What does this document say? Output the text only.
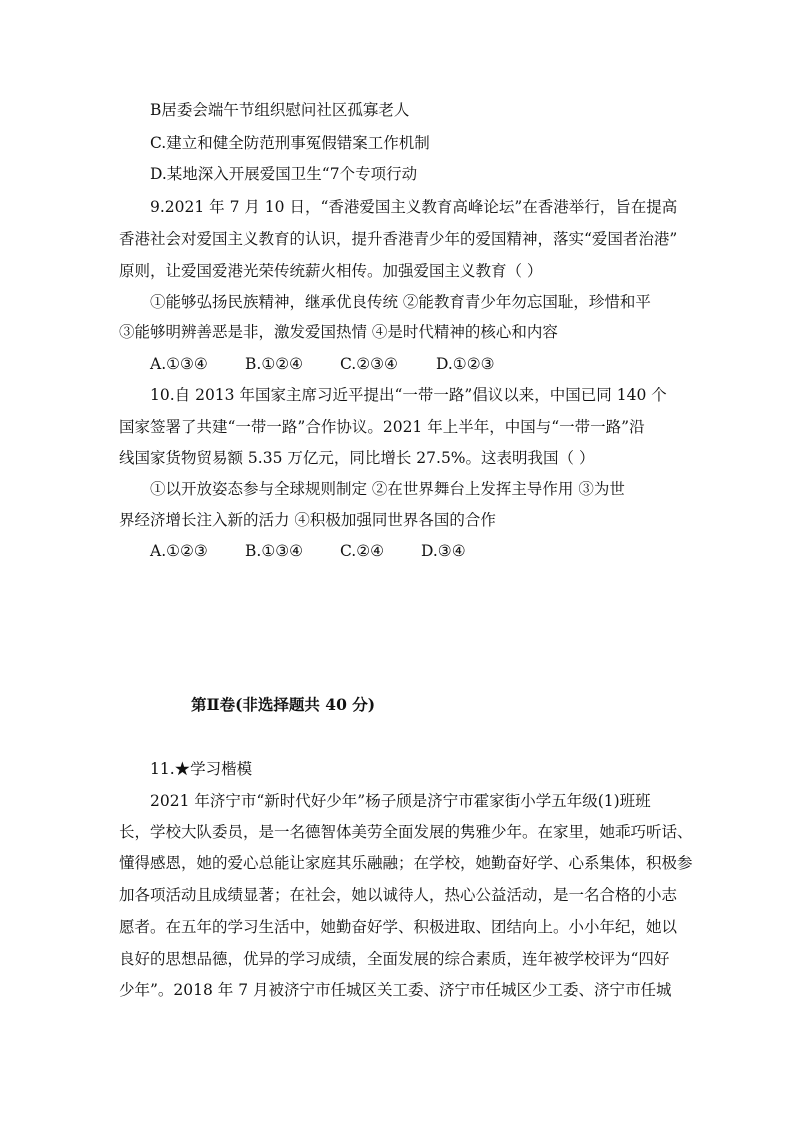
B居委会端午节组织慰问社区孤寡老人
C.建立和健全防范刑事冤假错案工作机制
D.某地深入开展爱国卫生“7个专项行动
9.2021 年 7 月 10 日，“香港爱国主义教育高峰论坛”在香港举行，旨在提高
香港社会对爱国主义教育的认识，提升香港青少年的爱国精神，落实“爱国者治港”
原则，让爱国爱港光荣传统薪火相传。加强爱国主义教育（ ）
①能够弘扬民族精神，继承优良传统 ②能教育青少年勿忘国耻，珍惜和平
③能够明辨善恶是非，激发爱国热情 ④是时代精神的核心和内容
A.①③④ B.①②④ C.②③④ D.①②③
10.自 2013 年国家主席习近平提出“一带一路”倡议以来，中国已同 140 个
国家签署了共建“一带一路”合作协议。2021 年上半年，中国与“一带一路”沿
线国家货物贸易额 5.35 万亿元，同比增长 27.5%。这表明我国（ ）
①以开放姿态参与全球规则制定 ②在世界舞台上发挥主导作用 ③为世
界经济增长注入新的活力 ④积极加强同世界各国的合作
A.①②③ B.①③④ C.②④ D.③④
第Ⅱ卷(非选择题共 40 分)
11.★学习楷模
2021 年济宁市“新时代好少年”杨子颀是济宁市霍家街小学五年级(1)班班
长，学校大队委员，是一名德智体美劳全面发展的隽雅少年。在家里，她乖巧听话、
懂得感恩，她的爱心总能让家庭其乐融融；在学校，她勤奋好学、心系集体，积极参
加各项活动且成绩显著；在社会，她以诚待人，热心公益活动，是一名合格的小志
愿者。在五年的学习生活中，她勤奋好学、积极进取、团结向上。小小年纪，她以
良好的思想品德，优异的学习成绩，全面发展的综合素质，连年被学校评为“四好
少年”。2018 年 7 月被济宁市任城区关工委、济宁市任城区少工委、济宁市任城
